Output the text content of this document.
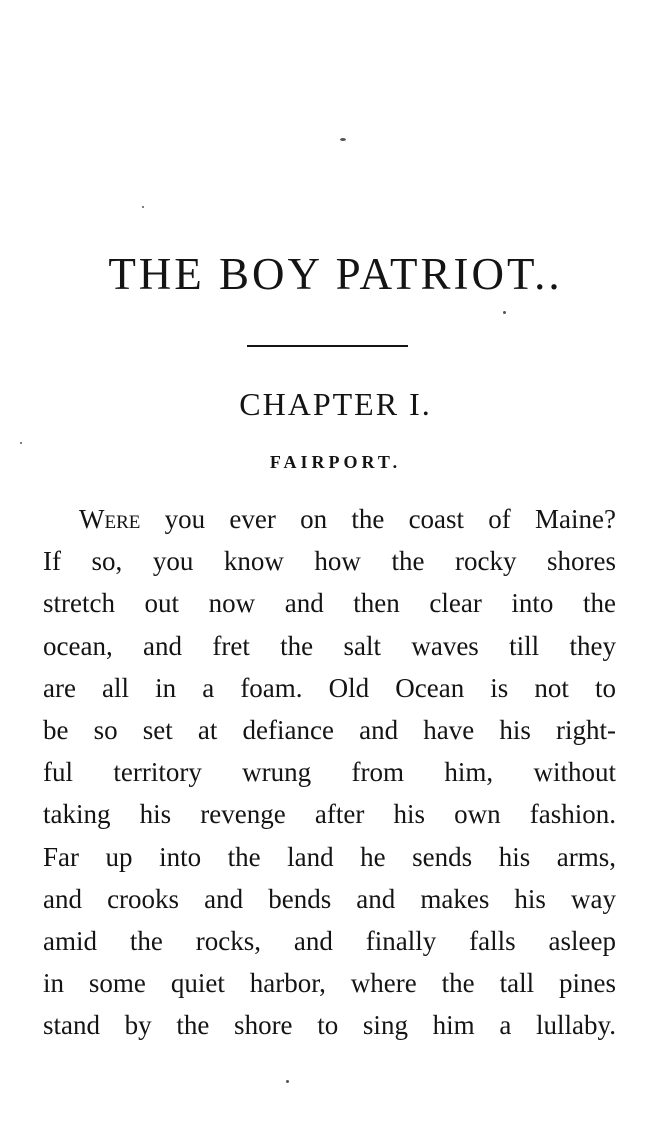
THE BOY PATRIOT..
CHAPTER I.
FAIRPORT.

Were you ever on the coast of Maine?
If so, you know how the rocky shores
stretch out now and then clear into the
ocean, and fret the salt waves till they
are all in a foam. Old Ocean is not to
be so set at defiance and have his right-
ful territory wrung from him, without
taking his revenge after his own fashion.
Far up into the land he sends his arms,
and crooks and bends and makes his way
amid the rocks, and finally falls asleep
in some quiet harbor, where the tall pines
stand by the shore to sing him a lullaby.
